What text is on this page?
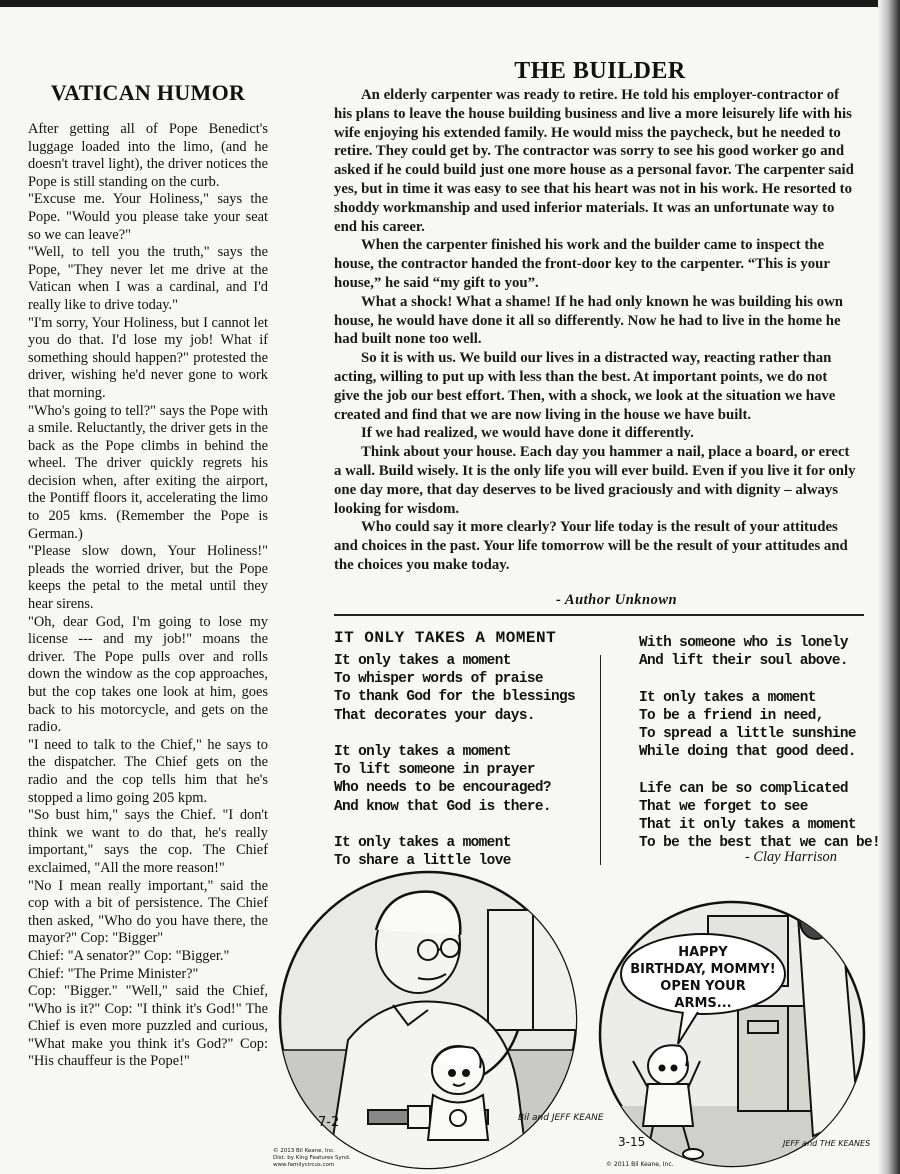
VATICAN HUMOR

After getting all of Pope Benedict's luggage loaded into the limo, (and he doesn't travel light), the driver notices the Pope is still standing on the curb.

"Excuse me. Your Holiness," says the Pope. "Would you please take your seat so we can leave?"

"Well, to tell you the truth," says the Pope, "They never let me drive at the Vatican when I was a cardinal, and I'd really like to drive today."

"I'm sorry, Your Holiness, but I cannot let you do that. I'd lose my job! What if something should happen?" protested the driver, wishing he'd never gone to work that morning.

"Who's going to tell?" says the Pope with a smile. Reluctantly, the driver gets in the back as the Pope climbs in behind the wheel. The driver quickly regrets his decision when, after exiting the airport, the Pontiff floors it, accelerating the limo to 205 kms. (Remember the Pope is German.)

"Please slow down, Your Holiness!" pleads the worried driver, but the Pope keeps the petal to the metal until they hear sirens.

"Oh, dear God, I'm going to lose my license --- and my job!" moans the driver. The Pope pulls over and rolls down the window as the cop approaches, but the cop takes one look at him, goes back to his motorcycle, and gets on the radio.

"I need to talk to the Chief," he says to the dispatcher. The Chief gets on the radio and the cop tells him that he's stopped a limo going 205 kpm.

"So bust him," says the Chief. "I don't think we want to do that, he's really important," says the cop. The Chief exclaimed, "All the more reason!"

"No I mean really important," said the cop with a bit of persistence. The Chief then asked, "Who do you have there, the mayor?" Cop: "Bigger"

Chief: "A senator?" Cop: "Bigger."

Chief: "The Prime Minister?"

Cop: "Bigger." "Well," said the Chief, "Who is it?" Cop: "I think it's God!" The Chief is even more puzzled and curious, "What make you think it's God?" Cop: "His chauffeur is the Pope!"

THE BUILDER

An elderly carpenter was ready to retire. He told his employer-contractor of his plans to leave the house building business and live a more leisurely life with his wife enjoying his extended family. He would miss the paycheck, but he needed to retire. They could get by. The contractor was sorry to see his good worker go and asked if he could build just one more house as a personal favor. The carpenter said yes, but in time it was easy to see that his heart was not in his work. He resorted to shoddy workmanship and used inferior materials. It was an unfortunate way to end his career.

When the carpenter finished his work and the builder came to inspect the house, the contractor handed the front-door key to the carpenter. “This is your house,” he said “my gift to you”.

What a shock! What a shame! If he had only known he was building his own house, he would have done it all so differently. Now he had to live in the home he had built none too well.

So it is with us. We build our lives in a distracted way, reacting rather than acting, willing to put up with less than the best. At important points, we do not give the job our best effort. Then, with a shock, we look at the situation we have created and find that we are now living in the house we have built.

If we had realized, we would have done it differently.

Think about your house. Each day you hammer a nail, place a board, or erect a wall. Build wisely. It is the only life you will ever build. Even if you live it for only one day more, that day deserves to be lived graciously and with dignity – always looking for wisdom.

Who could say it more clearly? Your life today is the result of your attitudes and choices in the past. Your life tomorrow will be the result of your attitudes and the choices you make today.

- Author Unknown
IT ONLY TAKES A MOMENT
It only takes a moment
To whisper words of praise
To thank God for the blessings
That decorates your days.
It only takes a moment
To lift someone in prayer
Who needs to be encouraged?
And know that God is there.
It only takes a moment
To share a little love
With someone who is lonely
And lift their soul above.
It only takes a moment
To be a friend in need,
To spread a little sunshine
While doing that good deed.
Life can be so complicated
That we forget to see
That it only takes a moment
To be the best that we can be!
- Clay Harrison
7-2	Bil and JEFF KEANE
© 2013 Bil Keane, Inc.
Dist. by King Features Synd.
www.familycircus.com
HAPPY
BIRTHDAY, MOMMY!
OPEN YOUR
ARMS...
3-15	JEFF and THE KEANES
© 2011 Bil Keane, Inc.
